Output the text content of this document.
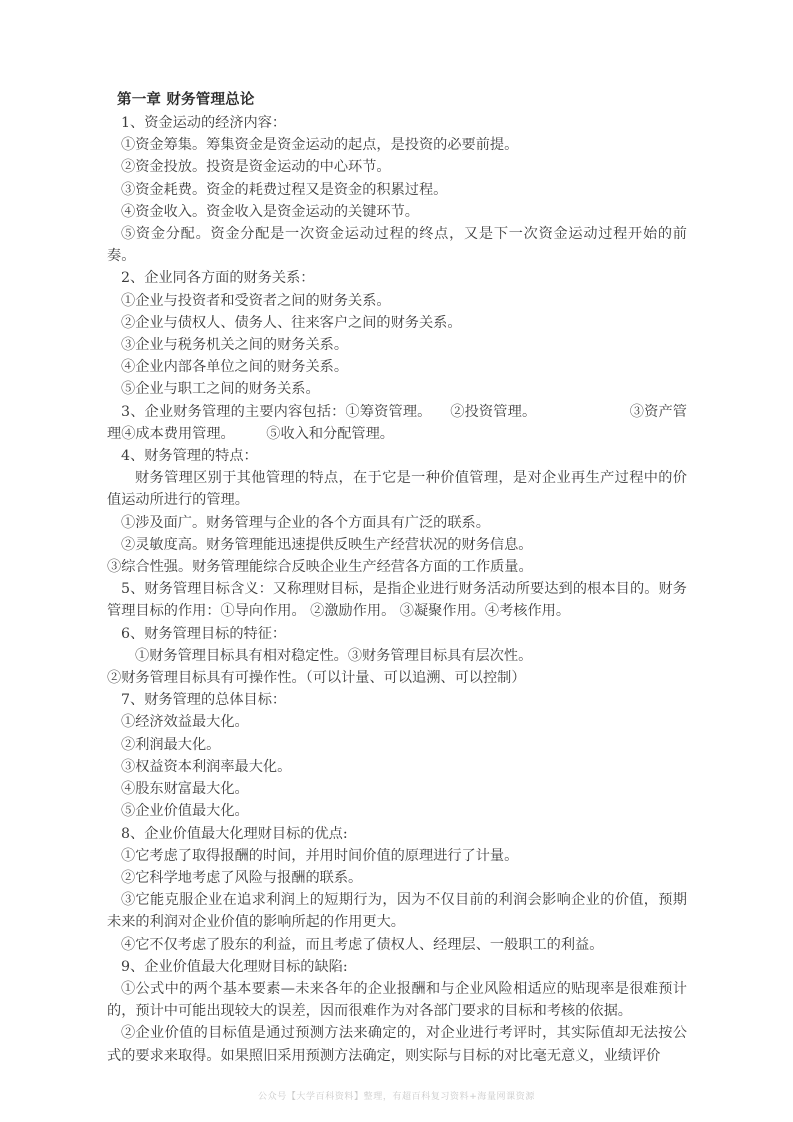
第一章 财务管理总论

1、资金运动的经济内容：

①资金筹集。筹集资金是资金运动的起点，是投资的必要前提。

②资金投放。投资是资金运动的中心环节。

③资金耗费。资金的耗费过程又是资金的积累过程。

④资金收入。资金收入是资金运动的关键环节。

⑤资金分配。资金分配是一次资金运动过程的终点，又是下一次资金运动过程开始的前奏。

2、企业同各方面的财务关系：

①企业与投资者和受资者之间的财务关系。

②企业与债权人、债务人、往来客户之间的财务关系。

③企业与税务机关之间的财务关系。

④企业内部各单位之间的财务关系。

⑤企业与职工之间的财务关系。

3、企业财务管理的主要内容包括：①筹资管理。    ②投资管理。                    ③资产管理④成本费用管理。       ⑤收入和分配管理。

4、财务管理的特点：

财务管理区别于其他管理的特点，在于它是一种价值管理，是对企业再生产过程中的价值运动所进行的管理。

①涉及面广。财务管理与企业的各个方面具有广泛的联系。

②灵敏度高。财务管理能迅速提供反映生产经营状况的财务信息。

③综合性强。财务管理能综合反映企业生产经营各方面的工作质量。

5、财务管理目标含义：又称理财目标，是指企业进行财务活动所要达到的根本目的。财务管理目标的作用：①导向作用。 ②激励作用。 ③凝聚作用。④考核作用。

6、财务管理目标的特征：

①财务管理目标具有相对稳定性。③财务管理目标具有层次性。

②财务管理目标具有可操作性。（可以计量、可以追溯、可以控制）

7、财务管理的总体目标：

①经济效益最大化。

②利润最大化。

③权益资本利润率最大化。

④股东财富最大化。

⑤企业价值最大化。

8、企业价值最大化理财目标的优点:

①它考虑了取得报酬的时间，并用时间价值的原理进行了计量。

②它科学地考虑了风险与报酬的联系。

③它能克服企业在追求利润上的短期行为，因为不仅目前的利润会影响企业的价值，预期未来的利润对企业价值的影响所起的作用更大。

④它不仅考虑了股东的利益，而且考虑了债权人、经理层、一般职工的利益。

9、企业价值最大化理财目标的缺陷:

①公式中的两个基本要素—未来各年的企业报酬和与企业风险相适应的贴现率是很难预计的，预计中可能出现较大的误差，因而很难作为对各部门要求的目标和考核的依据。

②企业价值的目标值是通过预测方法来确定的，对企业进行考评时，其实际值却无法按公式的要求来取得。如果照旧采用预测方法确定，则实际与目标的对比毫无意义，业绩评价

公众号【大学百科资料】整理，有超百科复习资料+海量网课资源
